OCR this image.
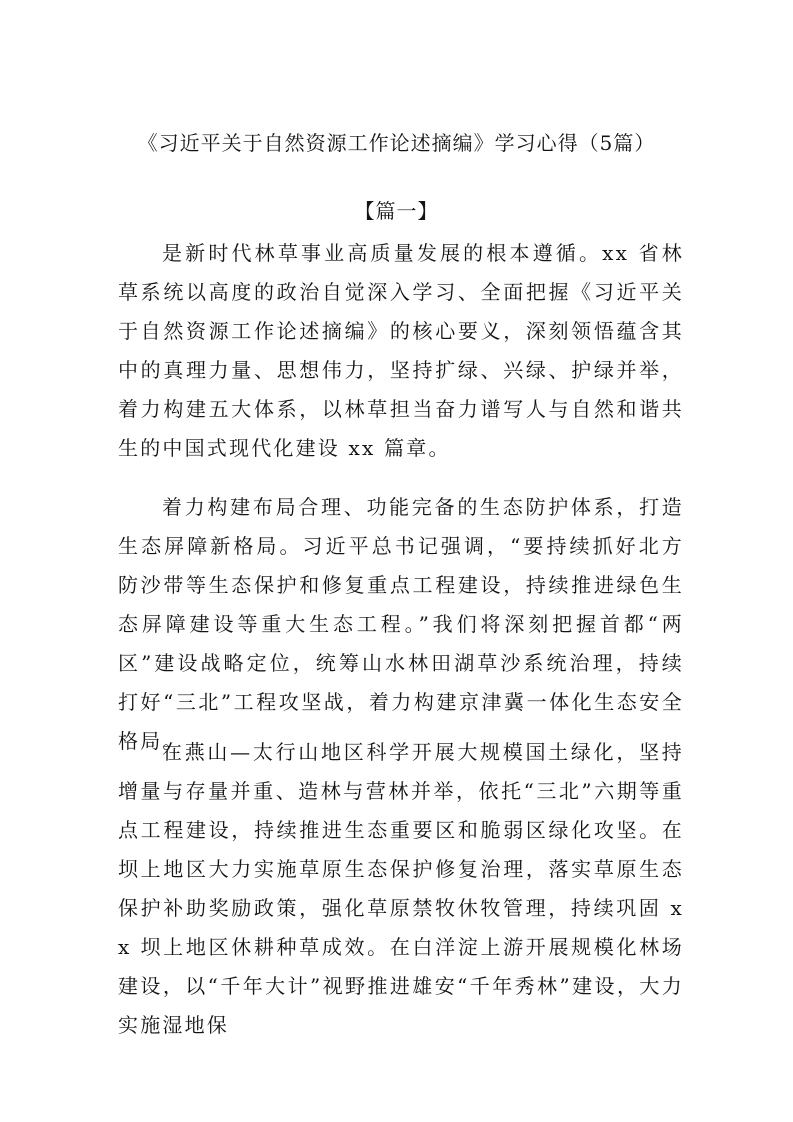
《习近平关于自然资源工作论述摘编》学习心得（5篇）
【篇一】

是新时代林草事业高质量发展的根本遵循。xx 省林草系统以高度的政治自觉深入学习、全面把握《习近平关于自然资源工作论述摘编》的核心要义，深刻领悟蕴含其中的真理力量、思想伟力，坚持扩绿、兴绿、护绿并举，着力构建五大体系，以林草担当奋力谱写人与自然和谐共生的中国式现代化建设 xx 篇章。

着力构建布局合理、功能完备的生态防护体系，打造生态屏障新格局。习近平总书记强调，“要持续抓好北方防沙带等生态保护和修复重点工程建设，持续推进绿色生态屏障建设等重大生态工程。”我们将深刻把握首都“两区”建设战略定位，统筹山水林田湖草沙系统治理，持续打好“三北”工程攻坚战，着力构建京津冀一体化生态安全格局。

在燕山—太行山地区科学开展大规模国土绿化，坚持增量与存量并重、造林与营林并举，依托“三北”六期等重点工程建设，持续推进生态重要区和脆弱区绿化攻坚。在坝上地区大力实施草原生态保护修复治理，落实草原生态保护补助奖励政策，强化草原禁牧休牧管理，持续巩固 xx 坝上地区休耕种草成效。在白洋淀上游开展规模化林场建设，以“千年大计”视野推进雄安“千年秀林”建设，大力实施湿地保
